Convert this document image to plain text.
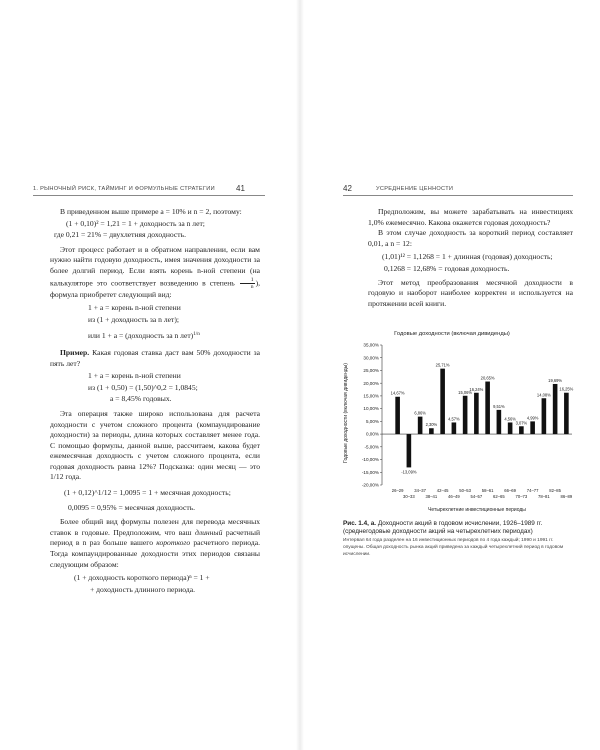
1. РЫНОЧНЫЙ РИСК, ТАЙМИНГ И ФОРМУЛЬНЫЕ СТРАТЕГИИ	41

В приведенном выше примере a = 10% и n = 2, поэтому:

(1 + 0,10)² = 1,21 = 1 + доходность за n лет;
где 0,21 = 21% = двухлетняя доходность.

Этот процесс работает и в обратном направлении, если вам нужно найти годовую доходность, имея значения доходности за более долгий период. Если взять корень n-ной степени (на калькуляторе это соответствует возведению в степень $\frac{1}{n}$ ), формула приобретет следующий вид:

1 + a = корень n-ной степени
из (1 + доходность за n лет);
или 1 + a = (доходность за n лет)$^{1/n}$

Пример. Какая годовая ставка даст вам 50% доходности за пять лет?

1 + a = корень n-ной степени
из (1 + 0,50) = (1,50)^0,2 = 1,0845;
a = 8,45% годовых.

Эта операция также широко использована для расчета доходности с учетом сложного процента (компаундирование доходности) за периоды, длина которых составляет менее года. С помощью формулы, данной выше, рассчитаем, какова будет ежемесячная доходность с учетом сложного процента, если годовая доходность равна 12%? Подсказка: один месяц — это 1/12 года.

(1 + 0,12)^1/12 = 1,0095 = 1 + месячная доходность;
0,0095 = 0,95% = месячная доходность.

Более общий вид формулы полезен для перевода месячных ставок в годовые. Предположим, что ваш длинный расчетный период в n раз больше вашего короткого расчетного периода. Тогда компаундированные доходности этих периодов связаны следующим образом:

(1 + доходность короткого периода)ⁿ = 1 +
+ доходность длинного периода.
42	УСРЕДНЕНИЕ ЦЕННОСТИ

Предположим, вы можете зарабатывать на инвестициях 1,0% ежемесячно. Какова окажется годовая доходность?

В этом случае доходность за короткий период составляет 0,01, а n = 12:

(1,01)¹² = 1,1268 = 1 + длинная (годовая) доходность;
0,1268 = 12,68% = годовая доходность.

Этот метод преобразования месячной доходности в годовую и наоборот наиболее корректен и используется на протяжении всей книги.

Годовые доходности (включая дивиденды)
Годовые доходности (включая дивиденды)
35,00%
30,00%
25,00%
20,00%
15,00%
10,00%
5,00%
0,00%
-5,00%
-10,00%
-15,00%
-20,00%
14,67%
-13,09%
6,86%
2,30%
25,71%
4,57%
15,06%
16,24%
20,65%
9,51%
4,56%
3,07%
4,99%
14,08%
19,69%
16,25%
26–29
30–33
34–37
38–41
42–45
46–49
50–53
54–57
58–61
62–65
66–69
70–73
74–77
78–81
82–85
86–89
Четырехлетние инвестиционные периоды
Рис. 1.4, а. Доходности акций в годовом исчислении, 1926–1989 гг. (среднегодовые доходности акций на четырехлетних периодах)
Интервал 64 года разделен на 16 инвестиционных периодов по 4 года каждый; 1990 и 1991 гг. опущены. Общая доходность рынка акций приведена за каждый четырехлетний период в годовом исчислении.
